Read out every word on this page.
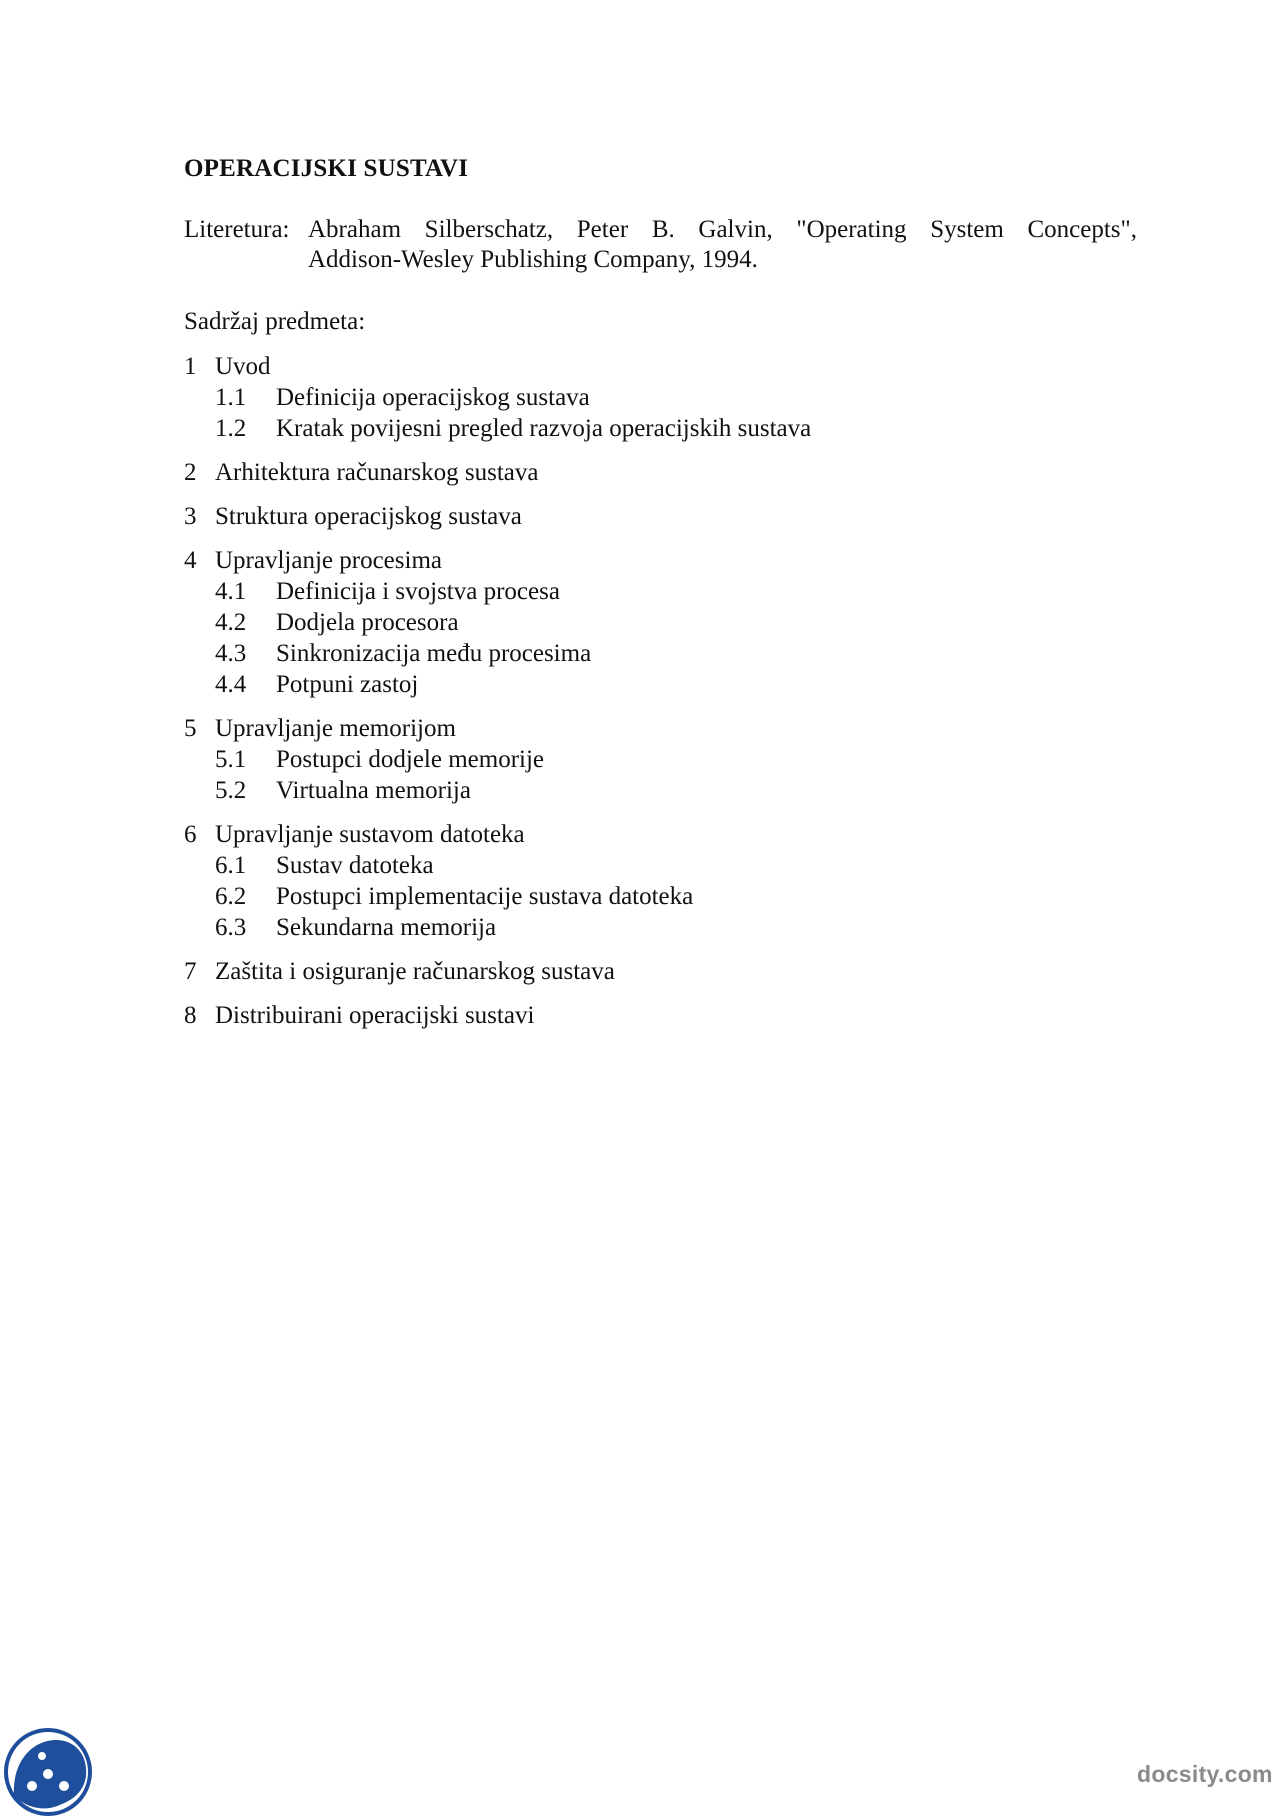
OPERACIJSKI SUSTAVI
Literetura: Abraham Silberschatz, Peter B. Galvin, "Operating System Concepts",
Addison-Wesley Publishing Company, 1994.
Sadržaj predmeta:
1 Uvod
1.1 Definicija operacijskog sustava
1.2 Kratak povijesni pregled razvoja operacijskih sustava
2 Arhitektura računarskog sustava
3 Struktura operacijskog sustava
4 Upravljanje procesima
4.1 Definicija i svojstva procesa
4.2 Dodjela procesora
4.3 Sinkronizacija među procesima
4.4 Potpuni zastoj
5 Upravljanje memorijom
5.1 Postupci dodjele memorije
5.2 Virtualna memorija
6 Upravljanje sustavom datoteka
6.1 Sustav datoteka
6.2 Postupci implementacije sustava datoteka
6.3 Sekundarna memorija
7 Zaštita i osiguranje računarskog sustava
8 Distribuirani operacijski sustavi
docsity.com
